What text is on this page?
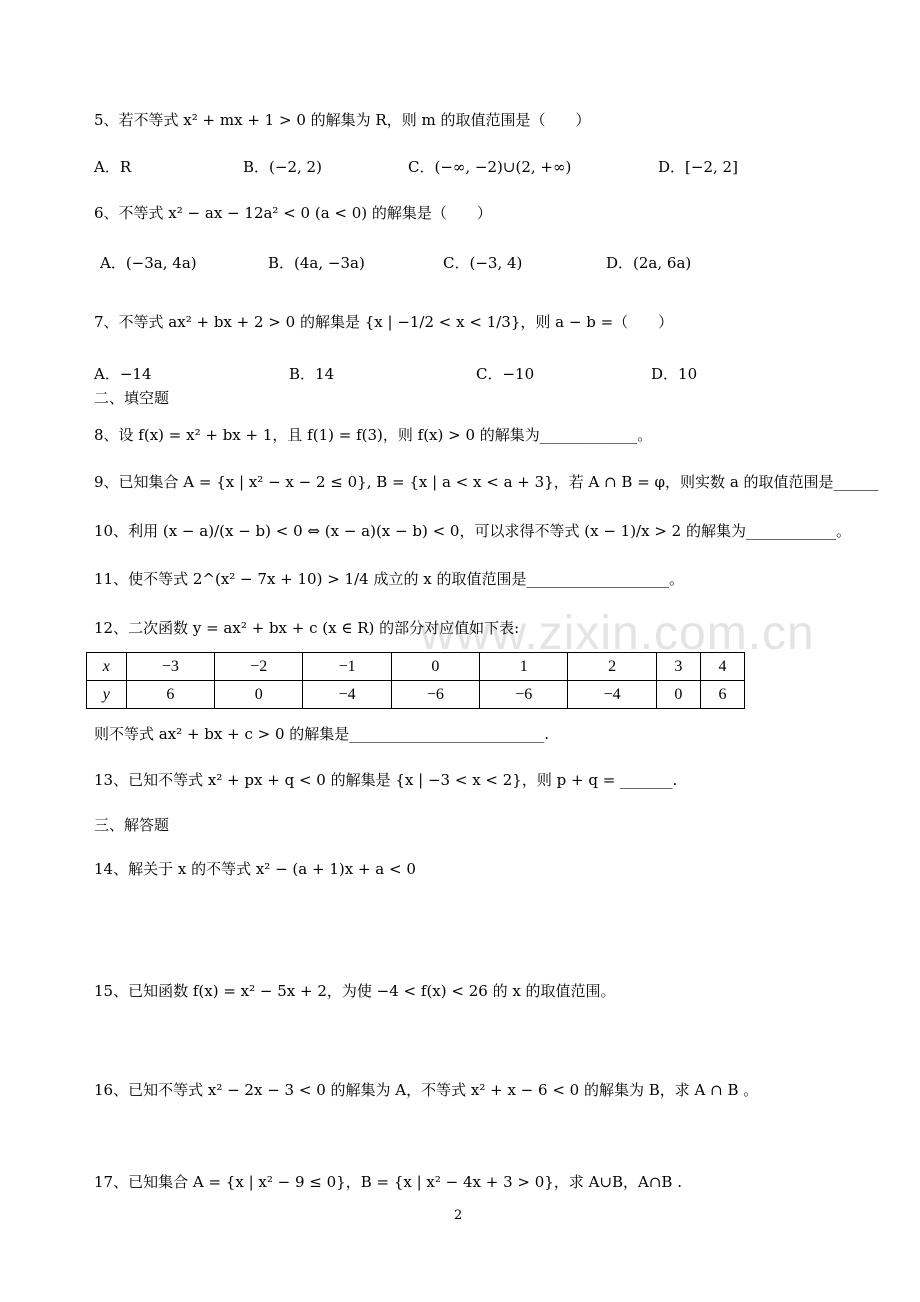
www.zixin.com.cn
5、若不等式 x² + mx + 1 > 0 的解集为 R，则 m 的取值范围是（　　）
A．R	B．(−2, 2)	C．(−∞, −2)∪(2, +∞)	D．[−2, 2]
6、不等式 x² − ax − 12a² < 0 (a < 0) 的解集是（　　）
A．(−3a, 4a)	B．(4a, −3a)	C．(−3, 4)	D．(2a, 6a)
7、不等式 ax² + bx + 2 > 0 的解集是 {x | −1/2 < x < 1/3}，则 a − b =（　　）
A．−14	B．14	C．−10	D．10
二、填空题
8、设 f(x) = x² + bx + 1，且 f(1) = f(3)，则 f(x) > 0 的解集为_____________。
9、已知集合 A = {x | x² − x − 2 ≤ 0}, B = {x | a < x < a + 3}，若 A ∩ B = φ，则实数 a 的取值范围是______
10、利用 (x − a)/(x − b) < 0 ⇔ (x − a)(x − b) < 0，可以求得不等式 (x − 1)/x > 2 的解集为____________。
11、使不等式 2^(x² − 7x + 10) > 1/4 成立的 x 的取值范围是___________________。
12、二次函数 y = ax² + bx + c (x ∈ R) 的部分对应值如下表:
x	−3	−2	−1	0	1	2	3	4
y	6	0	−4	−6	−6	−4	0	6
则不等式 ax² + bx + c > 0 的解集是__________________________.
13、已知不等式 x² + px + q < 0 的解集是 {x | −3 < x < 2}，则 p + q = _______.
三、解答题
14、解关于 x 的不等式 x² − (a + 1)x + a < 0
15、已知函数 f(x) = x² − 5x + 2，为使 −4 < f(x) < 26 的 x 的取值范围。
16、已知不等式 x² − 2x − 3 < 0 的解集为 A，不等式 x² + x − 6 < 0 的解集为 B，求 A ∩ B 。
17、已知集合 A = {x | x² − 9 ≤ 0}，B = {x | x² − 4x + 3 > 0}，求 A∪B，A∩B .
2
